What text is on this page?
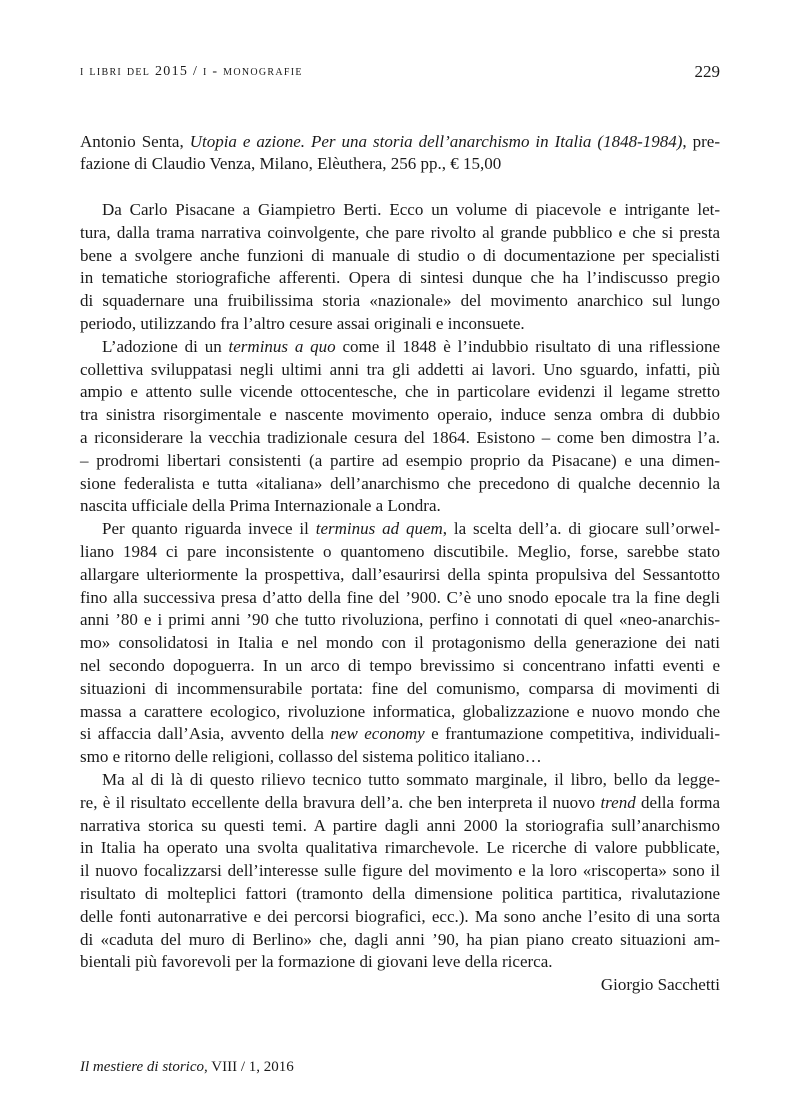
i libri del 2015 / i - monografie	229
Antonio Senta, Utopia e azione. Per una storia dell’anarchismo in Italia (1848-1984), pre-
fazione di Claudio Venza, Milano, Elèuthera, 256 pp., € 15,00
Da Carlo Pisacane a Giampietro Berti. Ecco un volume di piacevole e intrigante let-
tura, dalla trama narrativa coinvolgente, che pare rivolto al grande pubblico e che si presta
bene a svolgere anche funzioni di manuale di studio o di documentazione per specialisti
in tematiche storiografiche afferenti. Opera di sintesi dunque che ha l’indiscusso pregio
di squadernare una fruibilissima storia «nazionale» del movimento anarchico sul lungo
periodo, utilizzando fra l’altro cesure assai originali e inconsuete.
L’adozione di un terminus a quo come il 1848 è l’indubbio risultato di una riflessione
collettiva sviluppatasi negli ultimi anni tra gli addetti ai lavori. Uno sguardo, infatti, più
ampio e attento sulle vicende ottocentesche, che in particolare evidenzi il legame stretto
tra sinistra risorgimentale e nascente movimento operaio, induce senza ombra di dubbio
a riconsiderare la vecchia tradizionale cesura del 1864. Esistono – come ben dimostra l’a.
– prodromi libertari consistenti (a partire ad esempio proprio da Pisacane) e una dimen-
sione federalista e tutta «italiana» dell’anarchismo che precedono di qualche decennio la
nascita ufficiale della Prima Internazionale a Londra.
Per quanto riguarda invece il terminus ad quem, la scelta dell’a. di giocare sull’orwel-
liano 1984 ci pare inconsistente o quantomeno discutibile. Meglio, forse, sarebbe stato
allargare ulteriormente la prospettiva, dall’esaurirsi della spinta propulsiva del Sessantotto
fino alla successiva presa d’atto della fine del ’900. C’è uno snodo epocale tra la fine degli
anni ’80 e i primi anni ’90 che tutto rivoluziona, perfino i connotati di quel «neo-anarchis-
mo» consolidatosi in Italia e nel mondo con il protagonismo della generazione dei nati
nel secondo dopoguerra. In un arco di tempo brevissimo si concentrano infatti eventi e
situazioni di incommensurabile portata: fine del comunismo, comparsa di movimenti di
massa a carattere ecologico, rivoluzione informatica, globalizzazione e nuovo mondo che
si affaccia dall’Asia, avvento della new economy e frantumazione competitiva, individuali-
smo e ritorno delle religioni, collasso del sistema politico italiano…
Ma al di là di questo rilievo tecnico tutto sommato marginale, il libro, bello da legge-
re, è il risultato eccellente della bravura dell’a. che ben interpreta il nuovo trend della forma
narrativa storica su questi temi. A partire dagli anni 2000 la storiografia sull’anarchismo
in Italia ha operato una svolta qualitativa rimarchevole. Le ricerche di valore pubblicate,
il nuovo focalizzarsi dell’interesse sulle figure del movimento e la loro «riscoperta» sono il
risultato di molteplici fattori (tramonto della dimensione politica partitica, rivalutazione
delle fonti autonarrative e dei percorsi biografici, ecc.). Ma sono anche l’esito di una sorta
di «caduta del muro di Berlino» che, dagli anni ’90, ha pian piano creato situazioni am-
bientali più favorevoli per la formazione di giovani leve della ricerca.
Giorgio Sacchetti
Il mestiere di storico, VIII / 1, 2016
